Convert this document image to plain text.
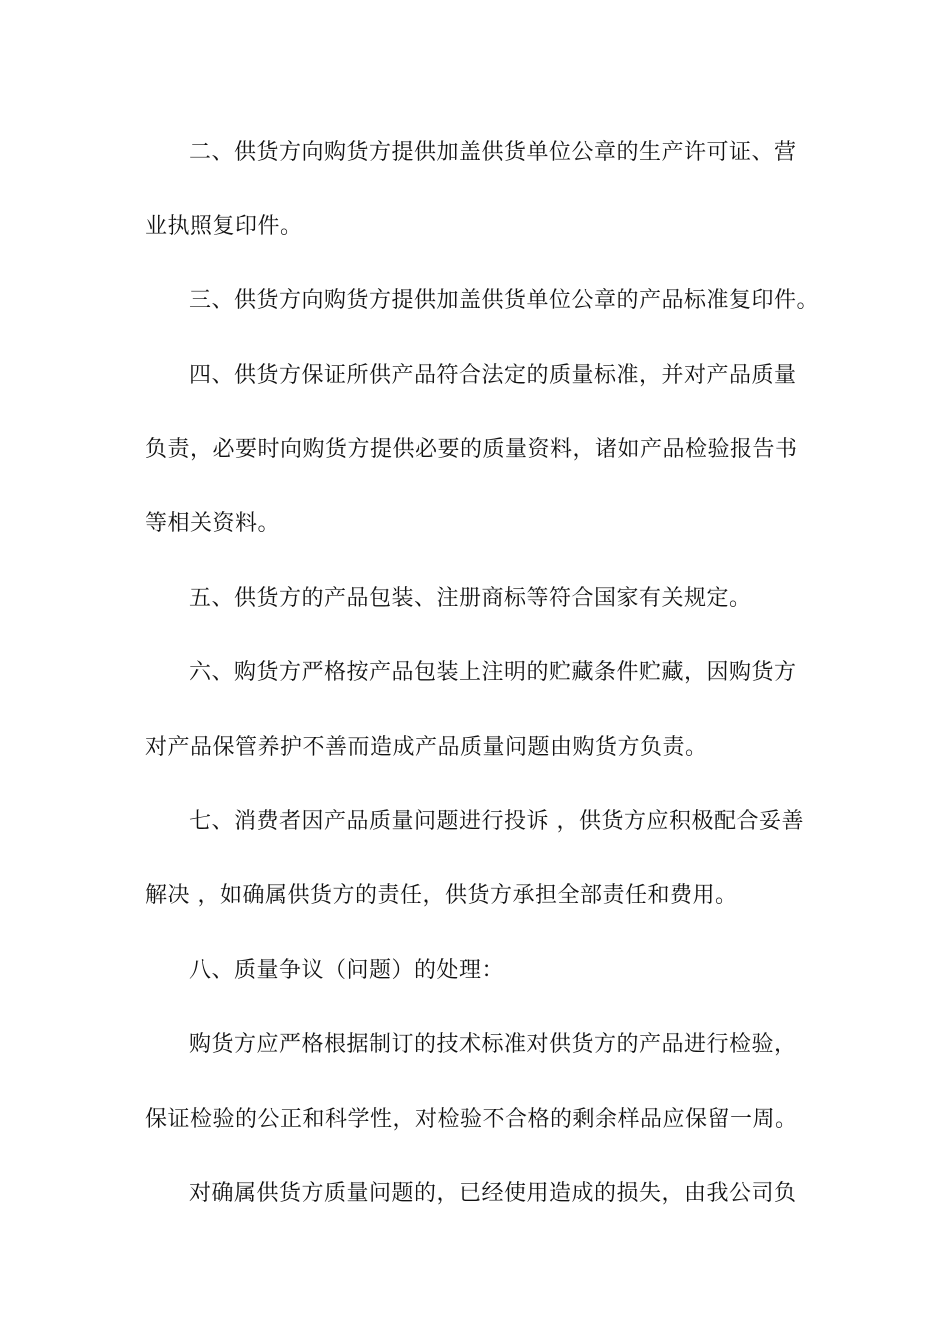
二、供货方向购货方提供加盖供货单位公章的生产许可证、营
业执照复印件。
三、供货方向购货方提供加盖供货单位公章的产品标准复印件。
四、供货方保证所供产品符合法定的质量标准，并对产品质量
负责，必要时向购货方提供必要的质量资料，诸如产品检验报告书
等相关资料。
五、供货方的产品包装、注册商标等符合国家有关规定。
六、购货方严格按产品包装上注明的贮藏条件贮藏，因购货方
对产品保管养护不善而造成产品质量问题由购货方负责。
七、消费者因产品质量问题进行投诉 ，供货方应积极配合妥善
解决 ，如确属供货方的责任，供货方承担全部责任和费用。
八、质量争议（问题）的处理：
购货方应严格根据制订的技术标准对供货方的产品进行检验，
保证检验的公正和科学性，对检验不合格的剩余样品应保留一周。
对确属供货方质量问题的，已经使用造成的损失，由我公司负
